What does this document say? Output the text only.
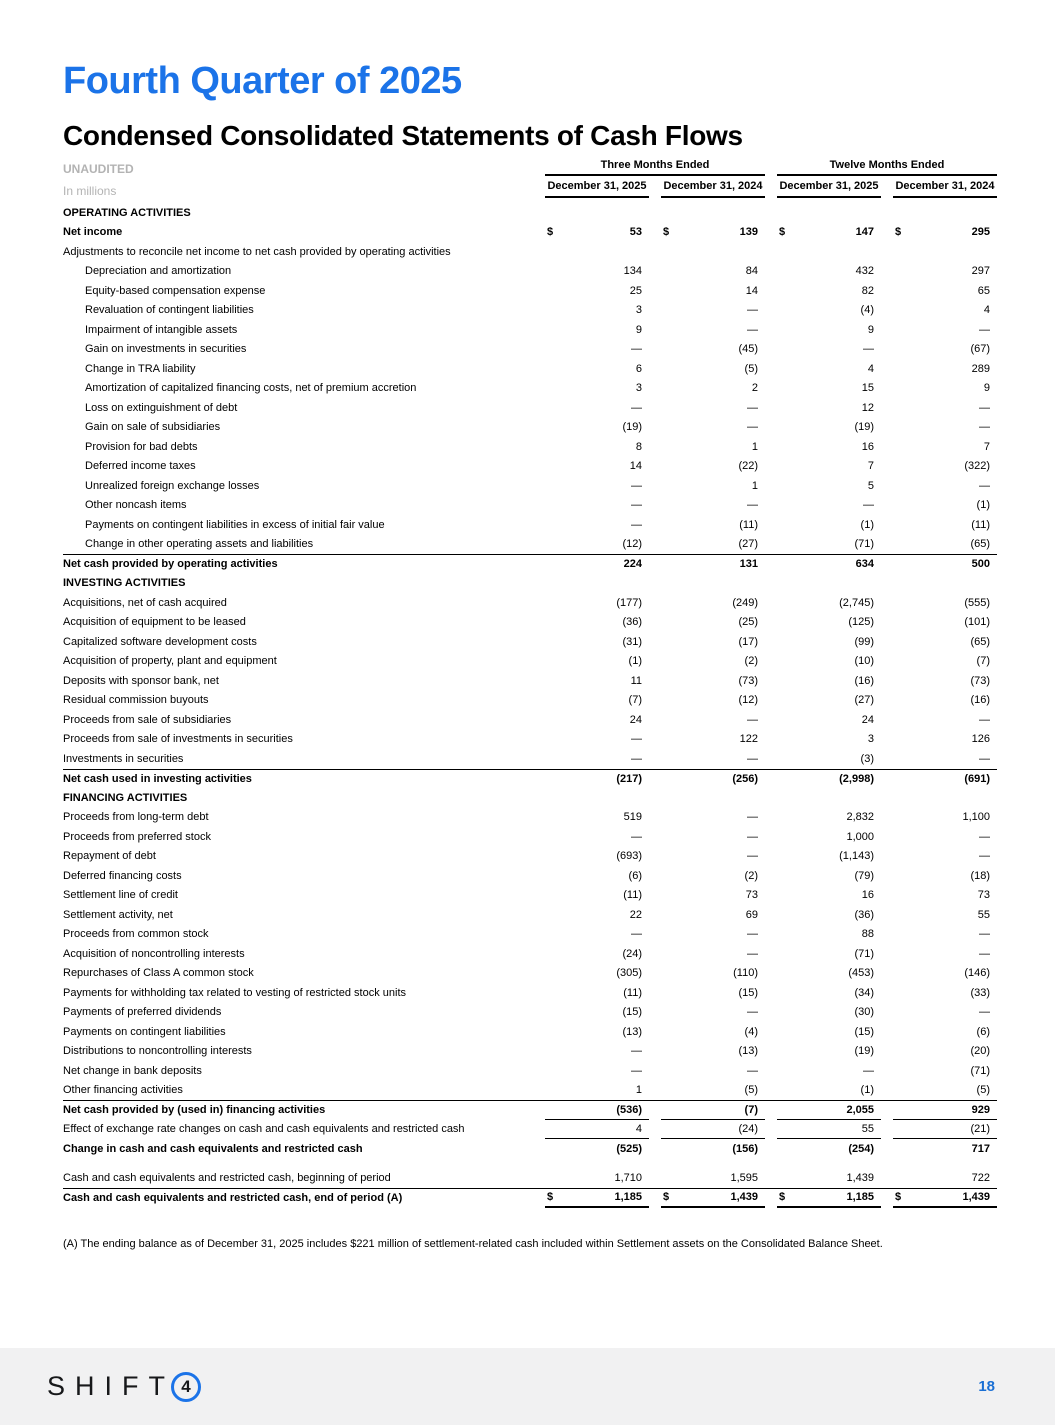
Fourth Quarter of 2025
Condensed Consolidated Statements of Cash Flows
UNAUDITED	Three Months Ended	Twelve Months Ended
In millions	December 31, 2025 December 31, 2024 December 31, 2025 December 31, 2024
OPERATING ACTIVITIES
Net income	$	53 $	139 $	147 $	295
Adjustments to reconcile net income to net cash provided by operating activities
Depreciation and amortization	134	84	432	297
Equity-based compensation expense	25	14	82	65
Revaluation of contingent liabilities	3	—	(4)	4
Impairment of intangible assets	9	—	9	—
Gain on investments in securities	—	(45)	—	(67)
Change in TRA liability	6	(5)	4	289
Amortization of capitalized financing costs, net of premium accretion	3	2	15	9
Loss on extinguishment of debt	—	—	12	—
Gain on sale of subsidiaries	(19)	—	(19)	—
Provision for bad debts	8	1	16	7
Deferred income taxes	14	(22)	7	(322)
Unrealized foreign exchange losses	—	1	5	—
Other noncash items	—	—	—	(1)
Payments on contingent liabilities in excess of initial fair value	—	(11)	(1)	(11)
Change in other operating assets and liabilities	(12)	(27)	(71)	(65)
Net cash provided by operating activities	224	131	634	500
INVESTING ACTIVITIES
Acquisitions, net of cash acquired	(177)	(249)	(2,745)	(555)
Acquisition of equipment to be leased	(36)	(25)	(125)	(101)
Capitalized software development costs	(31)	(17)	(99)	(65)
Acquisition of property, plant and equipment	(1)	(2)	(10)	(7)
Deposits with sponsor bank, net	11	(73)	(16)	(73)
Residual commission buyouts	(7)	(12)	(27)	(16)
Proceeds from sale of subsidiaries	24	—	24	—
Proceeds from sale of investments in securities	—	122	3	126
Investments in securities	—	—	(3)	—
Net cash used in investing activities	(217)	(256)	(2,998)	(691)
FINANCING ACTIVITIES
Proceeds from long-term debt	519	—	2,832	1,100
Proceeds from preferred stock	—	—	1,000	—
Repayment of debt	(693)	—	(1,143)	—
Deferred financing costs	(6)	(2)	(79)	(18)
Settlement line of credit	(11)	73	16	73
Settlement activity, net	22	69	(36)	55
Proceeds from common stock	—	—	88	—
Acquisition of noncontrolling interests	(24)	—	(71)	—
Repurchases of Class A common stock	(305)	(110)	(453)	(146)
Payments for withholding tax related to vesting of restricted stock units	(11)	(15)	(34)	(33)
Payments of preferred dividends	(15)	—	(30)	—
Payments on contingent liabilities	(13)	(4)	(15)	(6)
Distributions to noncontrolling interests	—	(13)	(19)	(20)
Net change in bank deposits	—	—	—	(71)
Other financing activities	1	(5)	(1)	(5)
Net cash provided by (used in) financing activities	(536)	(7)	2,055	929
Effect of exchange rate changes on cash and cash equivalents and restricted cash	4	(24)	55	(21)
Change in cash and cash equivalents and restricted cash	(525)	(156)	(254)	717
Cash and cash equivalents and restricted cash, beginning of period	1,710	1,595	1,439	722
Cash and cash equivalents and restricted cash, end of period (A)	$	1,185 $	1,439 $	1,185 $	1,439
(A) The ending balance as of December 31, 2025 includes $221 million of settlement-related cash included within Settlement assets on the Consolidated Balance Sheet.
SHIFT 4	18
